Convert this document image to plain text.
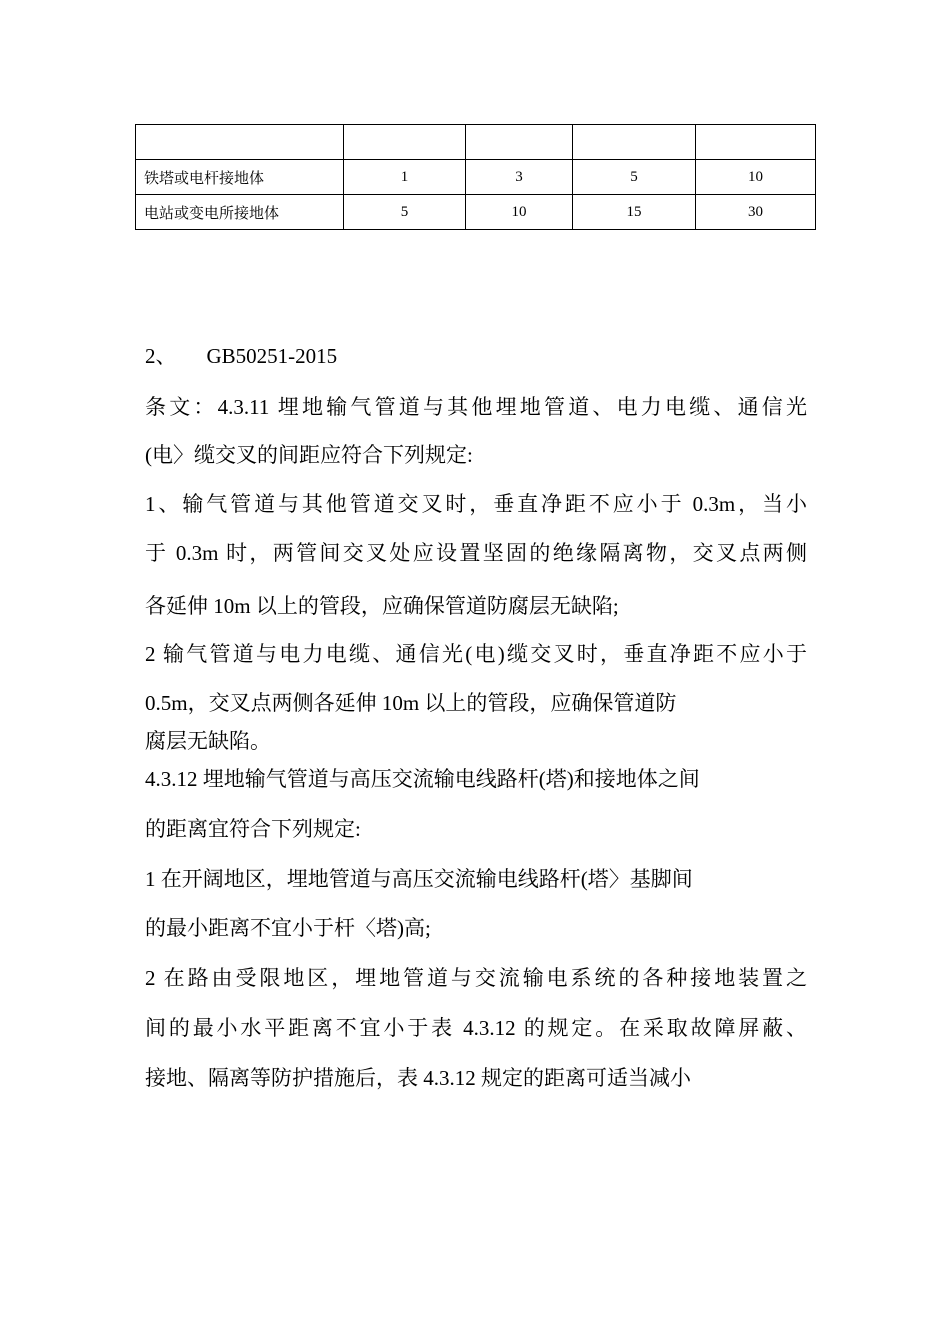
铁塔或电杆接地体	1	3	5	10
电站或变电所接地体	5	10	15	30
2、 GB50251-2015
条文：4.3.11 埋地输气管道与其他埋地管道、电力电缆、通信光
(电〉缆交叉的间距应符合下列规定:
1、输气管道与其他管道交叉时，垂直净距不应小于 0.3m，当小
于 0.3m 时，两管间交叉处应设置坚固的绝缘隔离物，交叉点两侧
各延伸 10m 以上的管段，应确保管道防腐层无缺陷;
2 输气管道与电力电缆、通信光(电)缆交叉时，垂直净距不应小于
0.5m，交叉点两侧各延伸 10m 以上的管段，应确保管道防
腐层无缺陷。
4.3.12 埋地输气管道与高压交流输电线路杆(塔)和接地体之间
的距离宜符合下列规定:
1 在开阔地区，埋地管道与高压交流输电线路杆(塔〉基脚间
的最小距离不宜小于杆〈塔)高;
2 在路由受限地区，埋地管道与交流输电系统的各种接地装置之
间的最小水平距离不宜小于表 4.3.12 的规定。在采取故障屏蔽、
接地、隔离等防护措施后，表 4.3.12 规定的距离可适当减小
